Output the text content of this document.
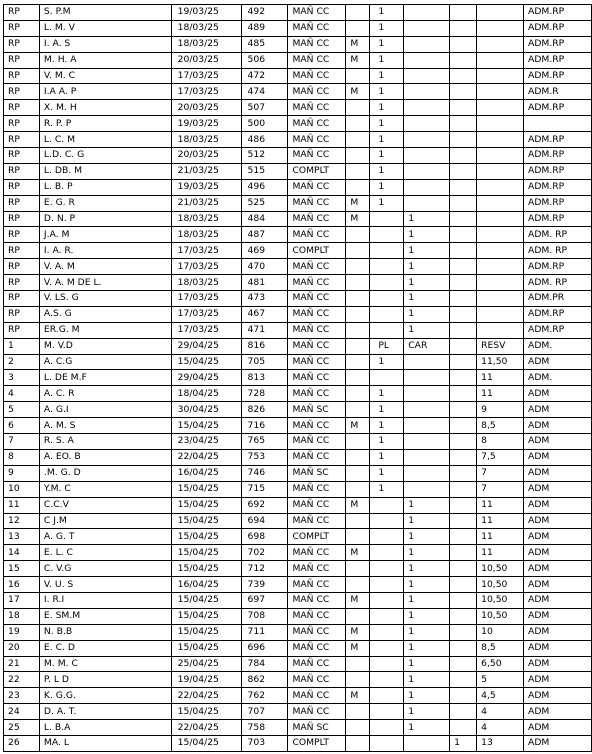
RP	S. P.M	19/03/25	492	MAÑ CC		1				ADM.RP
RP	L. M. V	18/03/25	489	MAÑ CC		1				ADM.RP
RP	I. A. S	18/03/25	485	MAÑ CC	M	1				ADM.RP
RP	M. H. A	20/03/25	506	MAÑ CC	M	1				ADM.RP
RP	V. M. C	17/03/25	472	MAÑ CC		1				ADM.RP
RP	I.A A. P	17/03/25	474	MAÑ CC	M	1				ADM.R
RP	X. M. H	20/03/25	507	MAÑ CC		1				ADM.RP
RP	R. P. P	19/03/25	500	MAÑ CC		1				
RP	L. C. M	18/03/25	486	MAÑ CC		1				ADM.RP
RP	L.D. C. G	20/03/25	512	MAÑ CC		1				ADM.RP
RP	L. DB. M	21/03/25	515	COMPLT		1				ADM.RP
RP	L. B. P	19/03/25	496	MAÑ CC		1				ADM.RP
RP	E. G. R	21/03/25	525	MAÑ CC	M	1				ADM.RP
RP	D. N. P	18/03/25	484	MAÑ CC	M		1			ADM.RP
RP	J.A. M	18/03/25	487	MAÑ CC			1			ADM. RP
RP	I. A. R.	17/03/25	469	COMPLT			1			ADM. RP
RP	V. A. M	17/03/25	470	MAÑ CC			1			ADM.RP
RP	V. A. M DE L.	18/03/25	481	MAÑ CC			1			ADM. RP
RP	V. LS. G	17/03/25	473	MAÑ CC			1			ADM.PR
RP	A.S. G	17/03/25	467	MAÑ CC			1			ADM.RP
RP	ER.G. M	17/03/25	471	MAÑ CC			1			ADM.RP
1	M. V.D	29/04/25	816	MAÑ CC		PL	CAR		RESV	ADM.
2	A. C.G	15/04/25	705	MAÑ CC		1			11,50	ADM
3	L. DE M.F	29/04/25	813	MAÑ CC					11	ADM.
4	A. C. R	18/04/25	728	MAÑ CC		1			11	ADM
5	A. G.I	30/04/25	826	MAÑ SC		1			9	ADM
6	A. M. S	15/04/25	716	MAÑ CC	M	1			8,5	ADM
7	R. S. A	23/04/25	765	MAÑ CC		1			8	ADM
8	A. EO. B	22/04/25	753	MAÑ CC		1			7,5	ADM
9	.M. G. D	16/04/25	746	MAÑ SC		1			7	ADM
10	Y.M. C	15/04/25	715	MAÑ CC		1			7	ADM
11	C.C.V	15/04/25	692	MAÑ CC	M		1		11	ADM
12	C J.M	15/04/25	694	MAÑ CC			1		11	ADM
13	A. G. T	15/04/25	698	COMPLT			1		11	ADM
14	E. L. C	15/04/25	702	MAÑ CC	M		1		11	ADM
15	C. V.G	15/04/25	712	MAÑ CC			1		10,50	ADM
16	V. U. S	16/04/25	739	MAÑ CC			1		10,50	ADM
17	I. R.I	15/04/25	697	MAÑ CC	M		1		10,50	ADM
18	E. SM.M	15/04/25	708	MAÑ CC			1		10,50	ADM
19	N. B.B	15/04/25	711	MAÑ CC	M		1		10	ADM
20	E. C. D	15/04/25	696	MAÑ CC	M		1		8,5	ADM
21	M. M. C	25/04/25	784	MAÑ CC			1		6,50	ADM
22	P. L D	19/04/25	862	MAÑ CC			1		5	ADM
23	K. G.G.	22/04/25	762	MAÑ CC	M		1		4,5	ADM
24	D. A. T.	15/04/25	707	MAÑ CC			1		4	ADM
25	L. B.A	22/04/25	758	MAÑ SC			1		4	ADM
26	MA. L	15/04/25	703	COMPLT				1	13	ADM
